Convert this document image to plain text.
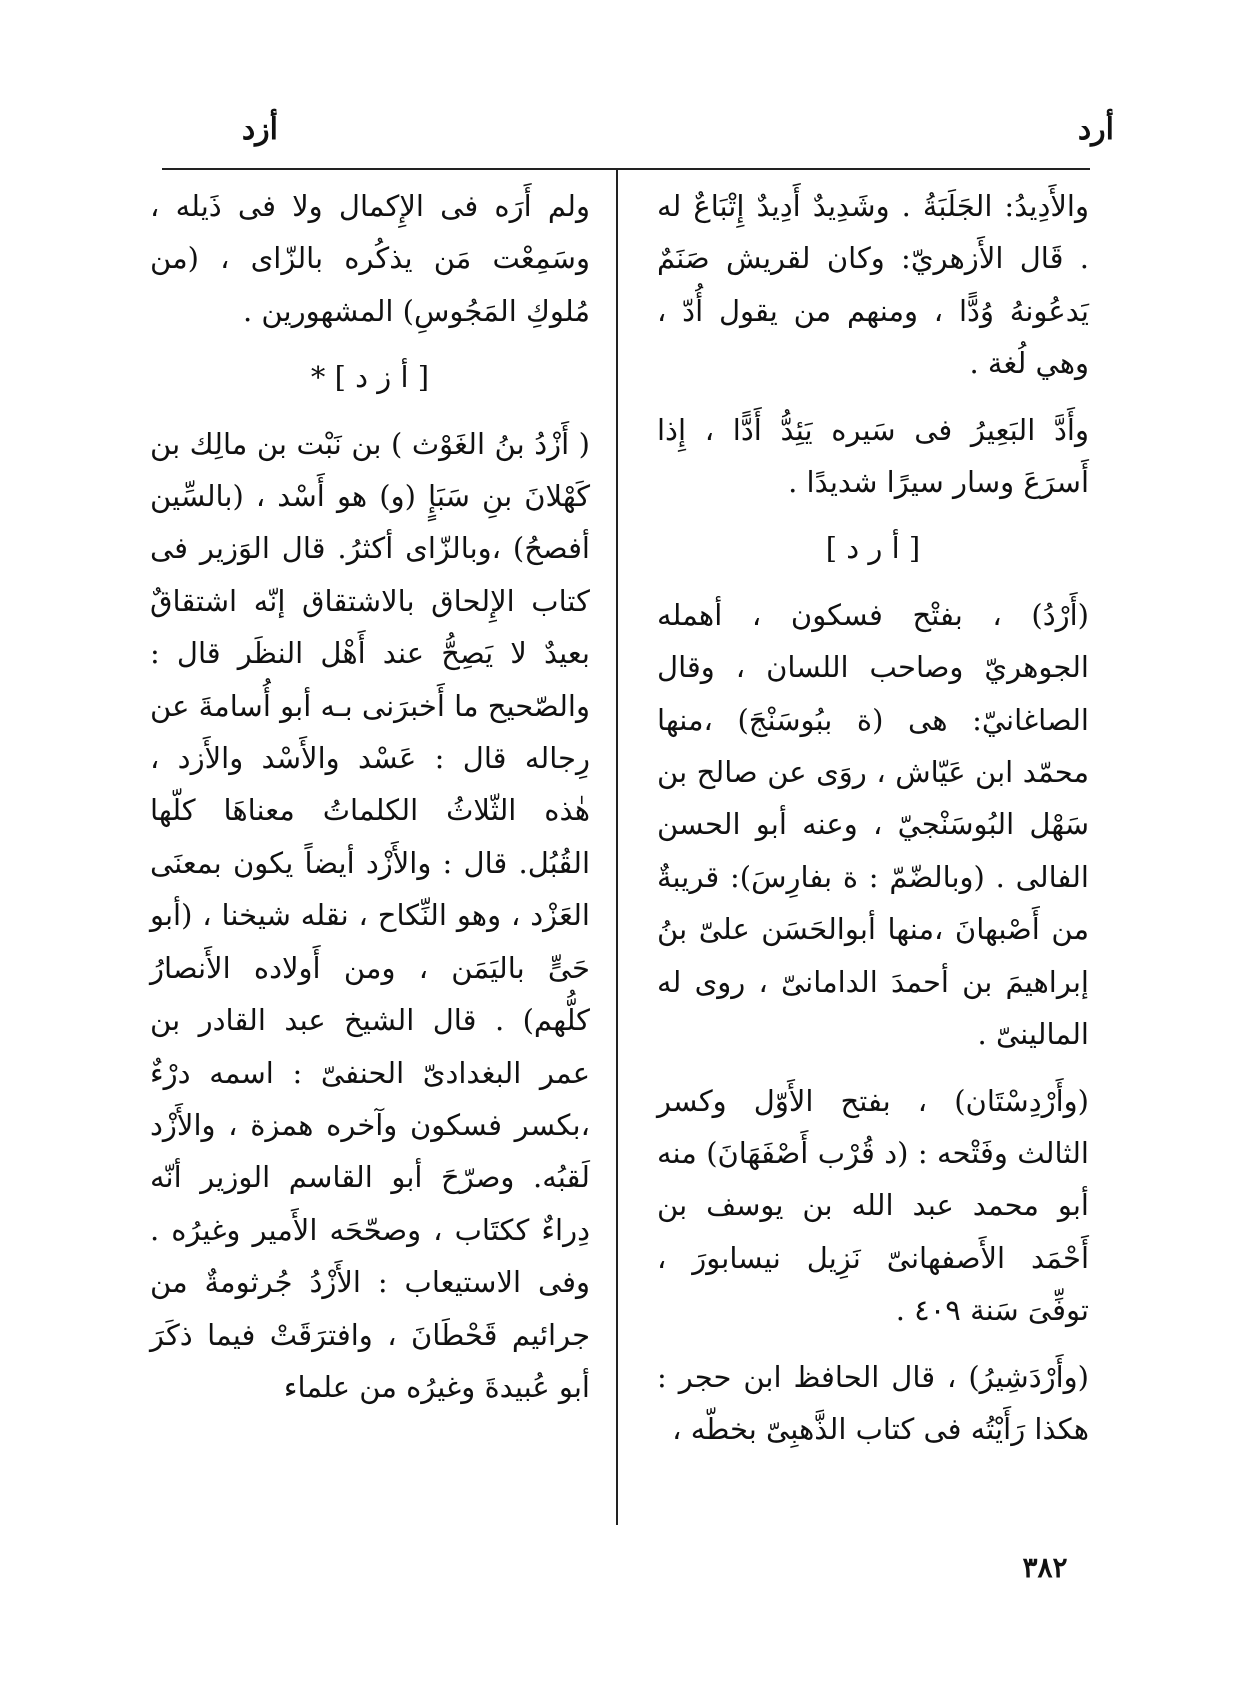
أرد
أزد

والأَدِيدُ: الجَلَبَةُ . وشَدِيدٌ أَدِيدٌ إِتْبَاعٌ له . قَال الأَزهريّ: وكان لقريش صَنَمٌ يَدعُونهُ وُدًّا ، ومنهم من يقول أُدّ ، وهي لُغة .

وأَدَّ البَعِيرُ فى سَيره يَئِدُّ أَدًّا ، إِذا أَسرَعَ وسار سيرًا شديدًا .

[ أ ر د ]

(أَرْدُ) ، بفتْح فسكون ، أهمله الجوهريّ وصاحب اللسان ، وقال الصاغانيّ: هى (ة ببُوسَنْجَ) ،منها محمّد ابن عَيّاش ، روَى عن صالح بن سَهْل البُوسَنْجيّ ، وعنه أبو الحسن الفالى . (وبالضّمّ : ة بفارِسَ): قريبةٌ من أَصْبهانَ ،منها أبوالحَسَن علىّ بنُ إبراهيمَ بن أحمدَ الدامانىّ ، روى له المالينىّ .

(وأَرْدِسْتَان) ، بفتح الأَوّل وكسر الثالث وفَتْحه : (د قُرْب أَصْفَهَانَ) منه أبو محمد عبد الله بن يوسف بن أَحْمَد الأَصفهانىّ نَزِيل نيسابورَ ، توفِّىَ سَنة ٤٠٩ .

(وأَرْدَشِيرُ) ، قال الحافظ ابن حجر : هكذا رَأَيْتُه فى كتاب الذَّهبِىّ بخطّه ،

ولم أَرَه فى الإِكمال ولا فى ذَيله ، وسَمِعْت مَن يذكُره بالزّاى ، (من مُلوكِ المَجُوسِ) المشهورين .

[ أ ز د ] *

( أَزْدُ بنُ الغَوْث ) بن نَبْت بن مالِك بن كَهْلانَ بنِ سَبَإٍ (و) هو أَسْد ، (بالسِّين أفصحُ) ،وبالزّاى أكثرُ. قال الوَزير فى كتاب الإِلحاق بالاشتقاق إنّه اشتقاقٌ بعيدٌ لا يَصِحُّ عند أَهْل النظَر قال : والصّحيح ما أَخبرَنى بـه أبو أُسامةَ عن رِجاله قال : عَسْد والأَسْد والأَزد ، هٰذه الثّلاثُ الكلماتُ معناهَا كلّها القُبُل. قال : والأَزْد أيضاً يكون بمعنَى العَزْد ، وهو النِّكاح ، نقله شيخنا ، (أبو حَىٍّ باليَمَن ، ومن أَولاده الأَنصارُ كلُّهم) . قال الشيخ عبد القادر بن عمر البغدادىّ الحنفىّ : اسمه درْءٌ ،بكسر فسكون وآخره همزة ، والأَزْد لَقبُه. وصرّحَ أبو القاسم الوزير أنّه دِراءٌ ككتَاب ، وصحّحَه الأَمير وغيرُه . وفى الاستيعاب : الأَزْدُ جُرثومةٌ من جرائيم قَحْطَانَ ، وافترَقَتْ فيما ذكَرَ أبو عُبيدةَ وغيرُه من علماء

٣٨٢
